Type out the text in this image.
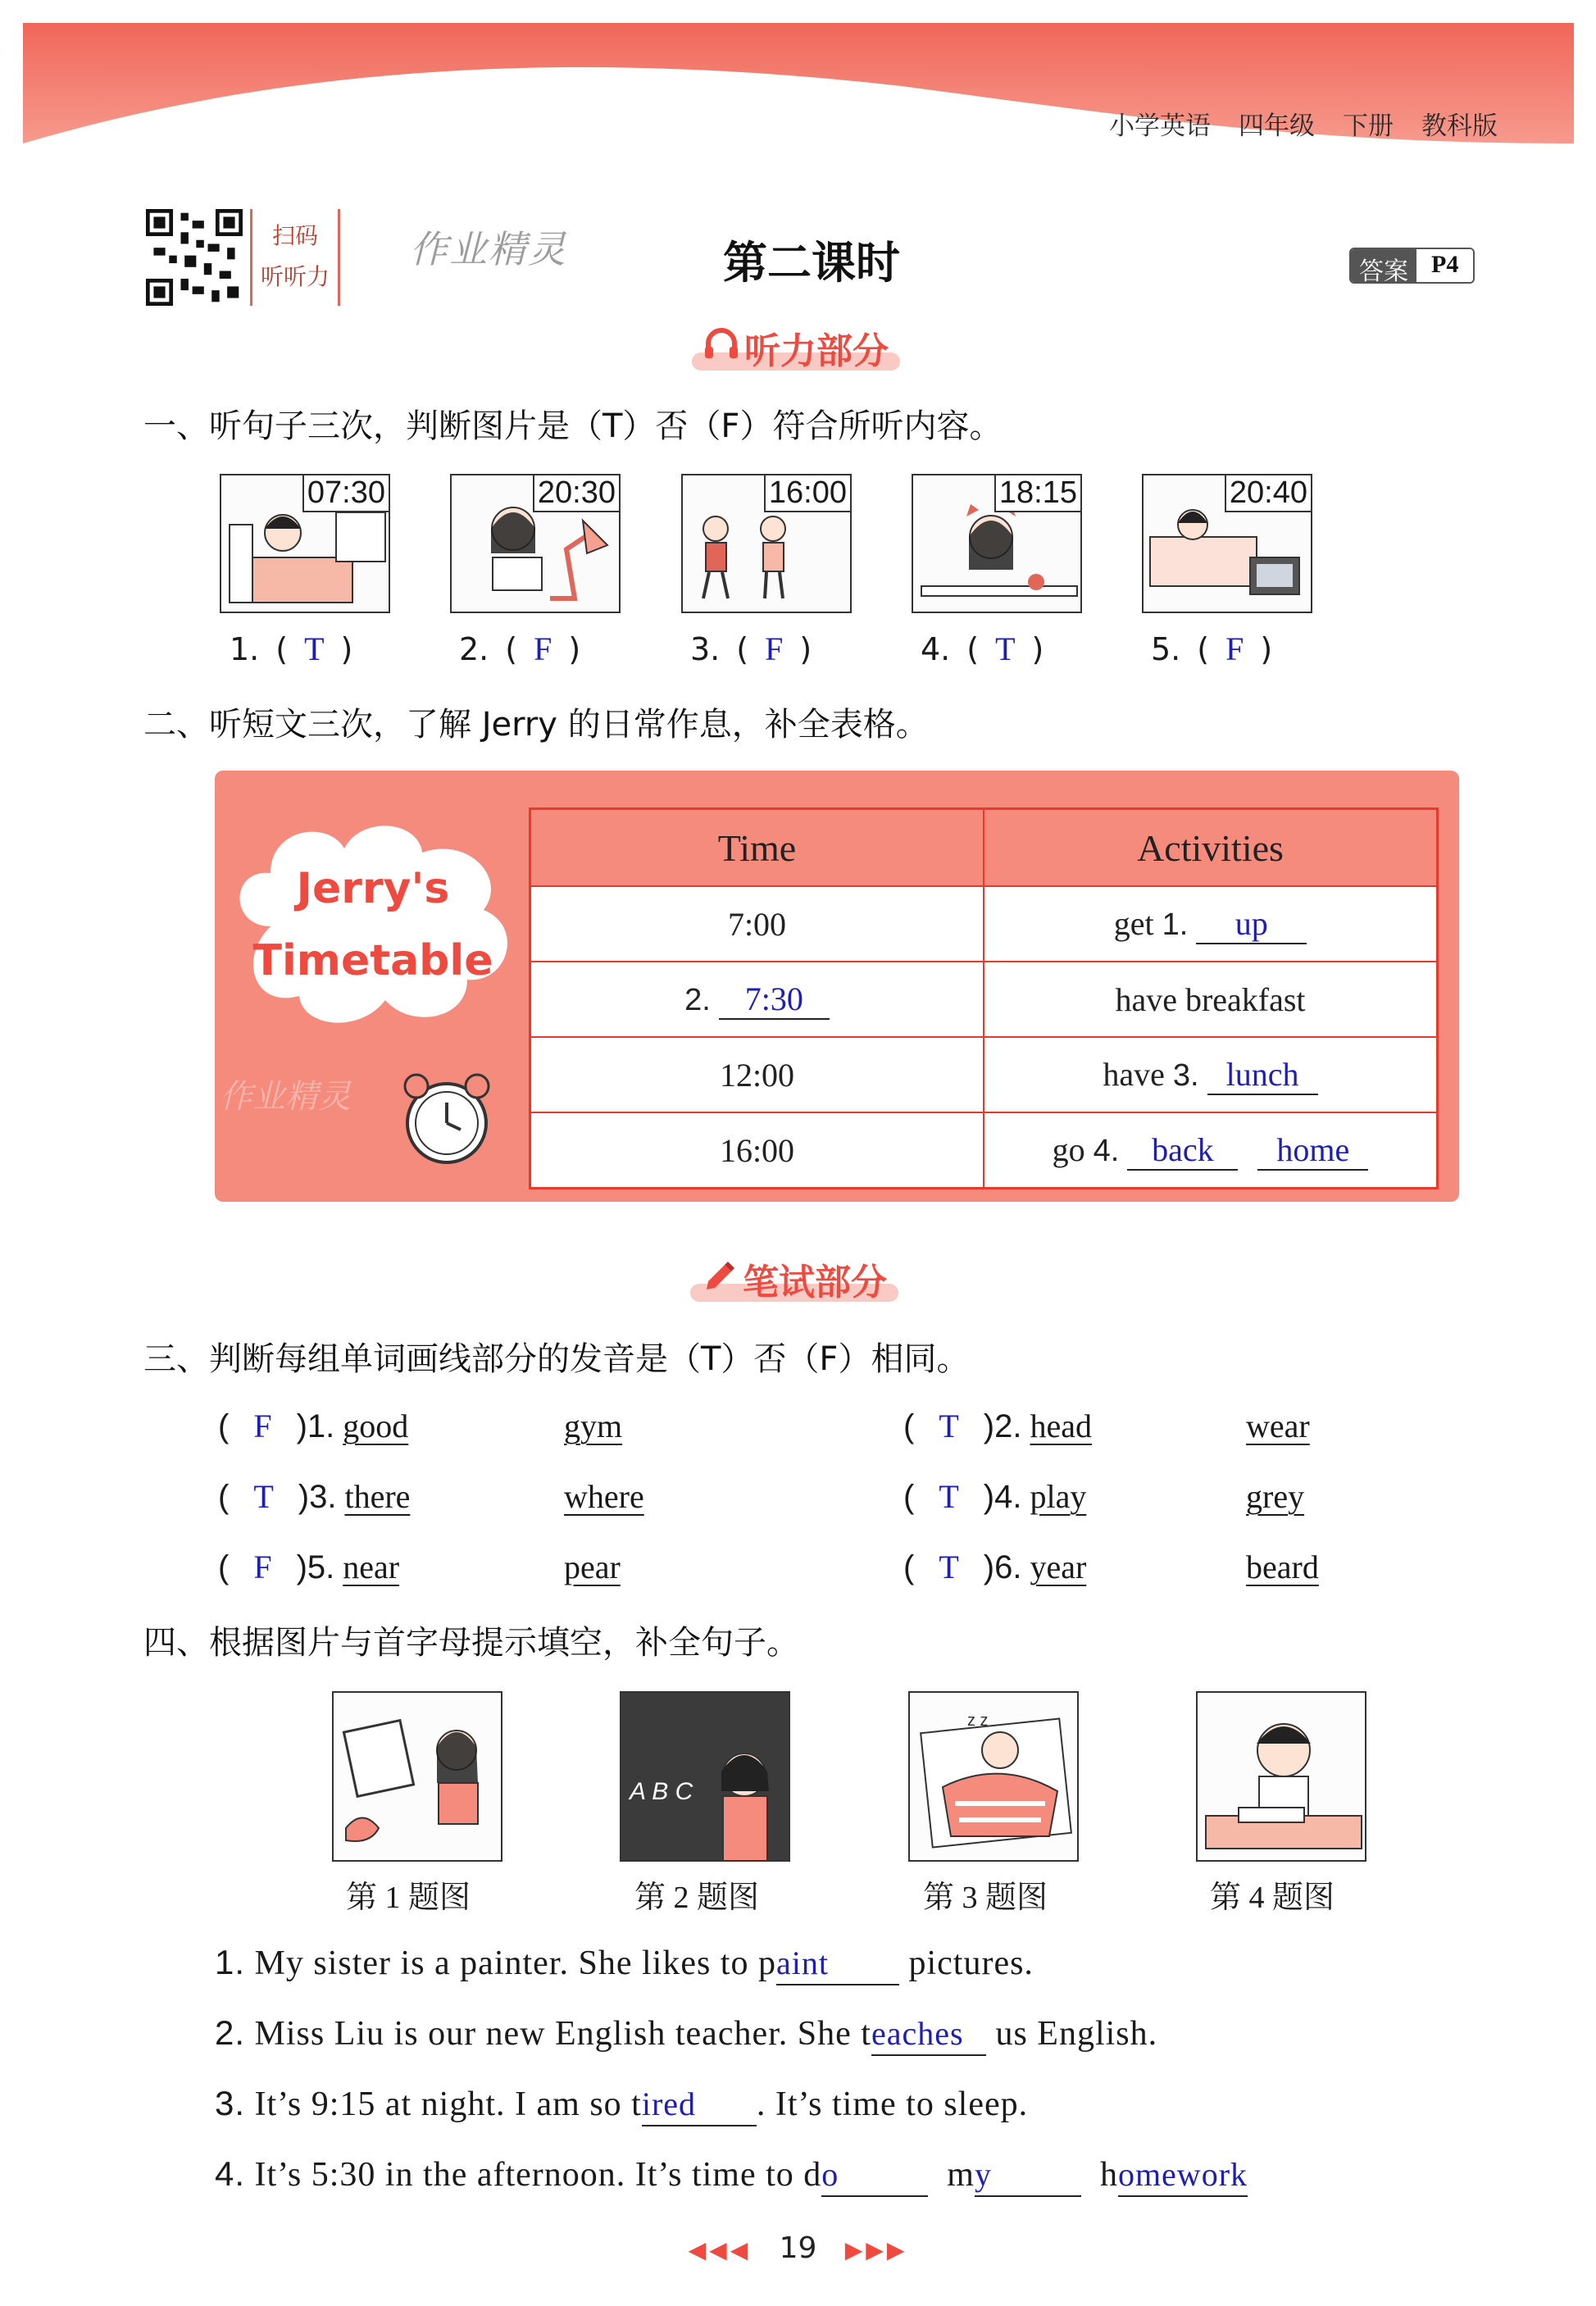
小学英语 四年级 下册 教科版
扫码
听听力
作业精灵	第二课时	答案 P4
听力部分
一、听句子三次，判断图片是（T）否（F）符合所听内容。
07:30	20:30	16:00	18:15	20:40
1. ( T )	2. ( F )	3. ( F )	4. ( T )	5. ( F )
二、听短文三次，了解 Jerry 的日常作息，补全表格。
Jerry's
Timetable
作业精灵
Time	Activities
7:00	get 1. up
2. 7:30	have breakfast
12:00	have 3. lunch
16:00	go 4. back home
笔试部分
三、判断每组单词画线部分的发音是（T）否（F）相同。
( F )1. good	gym	( T )2. head	wear
( T )3. there	where	( T )4. play	grey
( F )5. near	pear	( T )6. year	beard
四、根据图片与首字母提示填空，补全句子。
A B C
z z
第 1 题图	第 2 题图	第 3 题图	第 4 题图
1. My sister is a painter. She likes to paint pictures.
2. Miss Liu is our new English teacher. She teaches us English.
3. It’s 9:15 at night. I am so tired . It’s time to sleep.
4. It’s 5:30 in the afternoon. It’s time to do	my	homework
◀◀◀ 19 ▶▶▶
